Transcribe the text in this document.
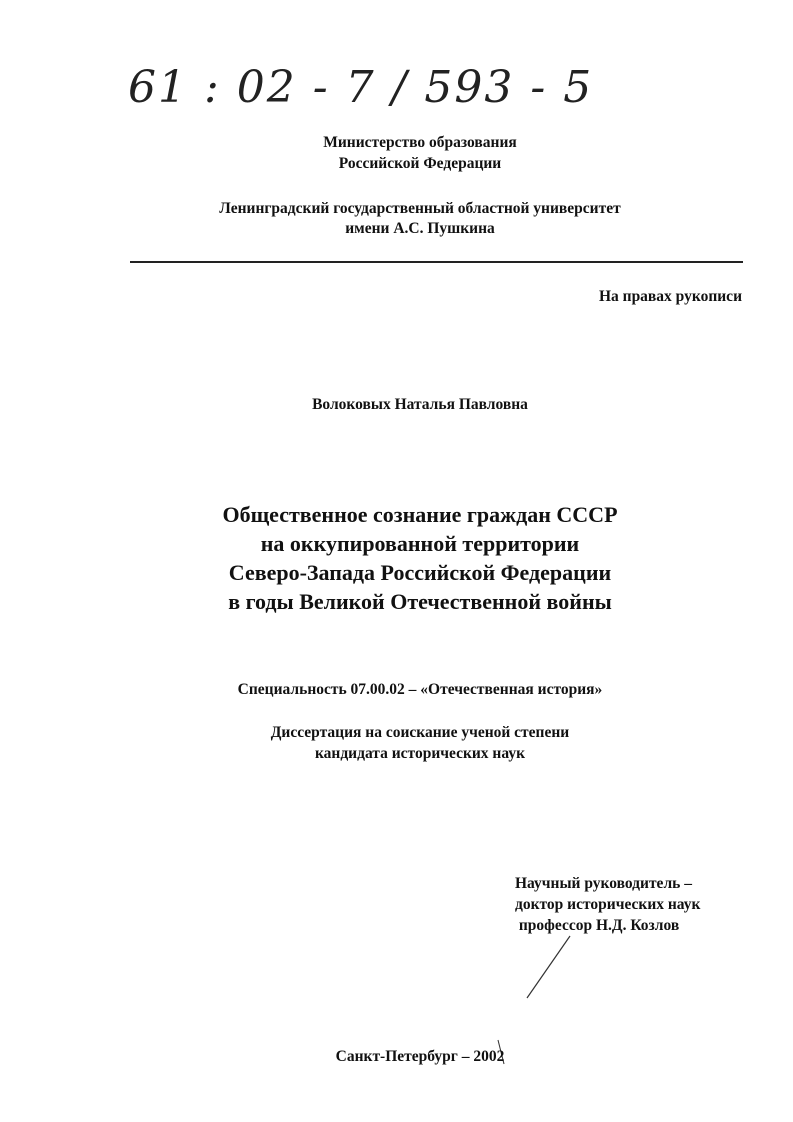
61 : 02 - 7 / 593 - 5
Министерство образования
Российской Федерации
Ленинградский государственный областной университет
имени А.С. Пушкина
На правах рукописи
Волоковых Наталья Павловна
Общественное сознание граждан СССР
на оккупированной территории
Северо-Запада Российской Федерации
в годы Великой Отечественной войны
Специальность 07.00.02 – «Отечественная история»
Диссертация на соискание ученой степени
кандидата исторических наук
Научный руководитель –
доктор исторических наук
профессор Н.Д. Козлов
Санкт-Петербург – 2002
